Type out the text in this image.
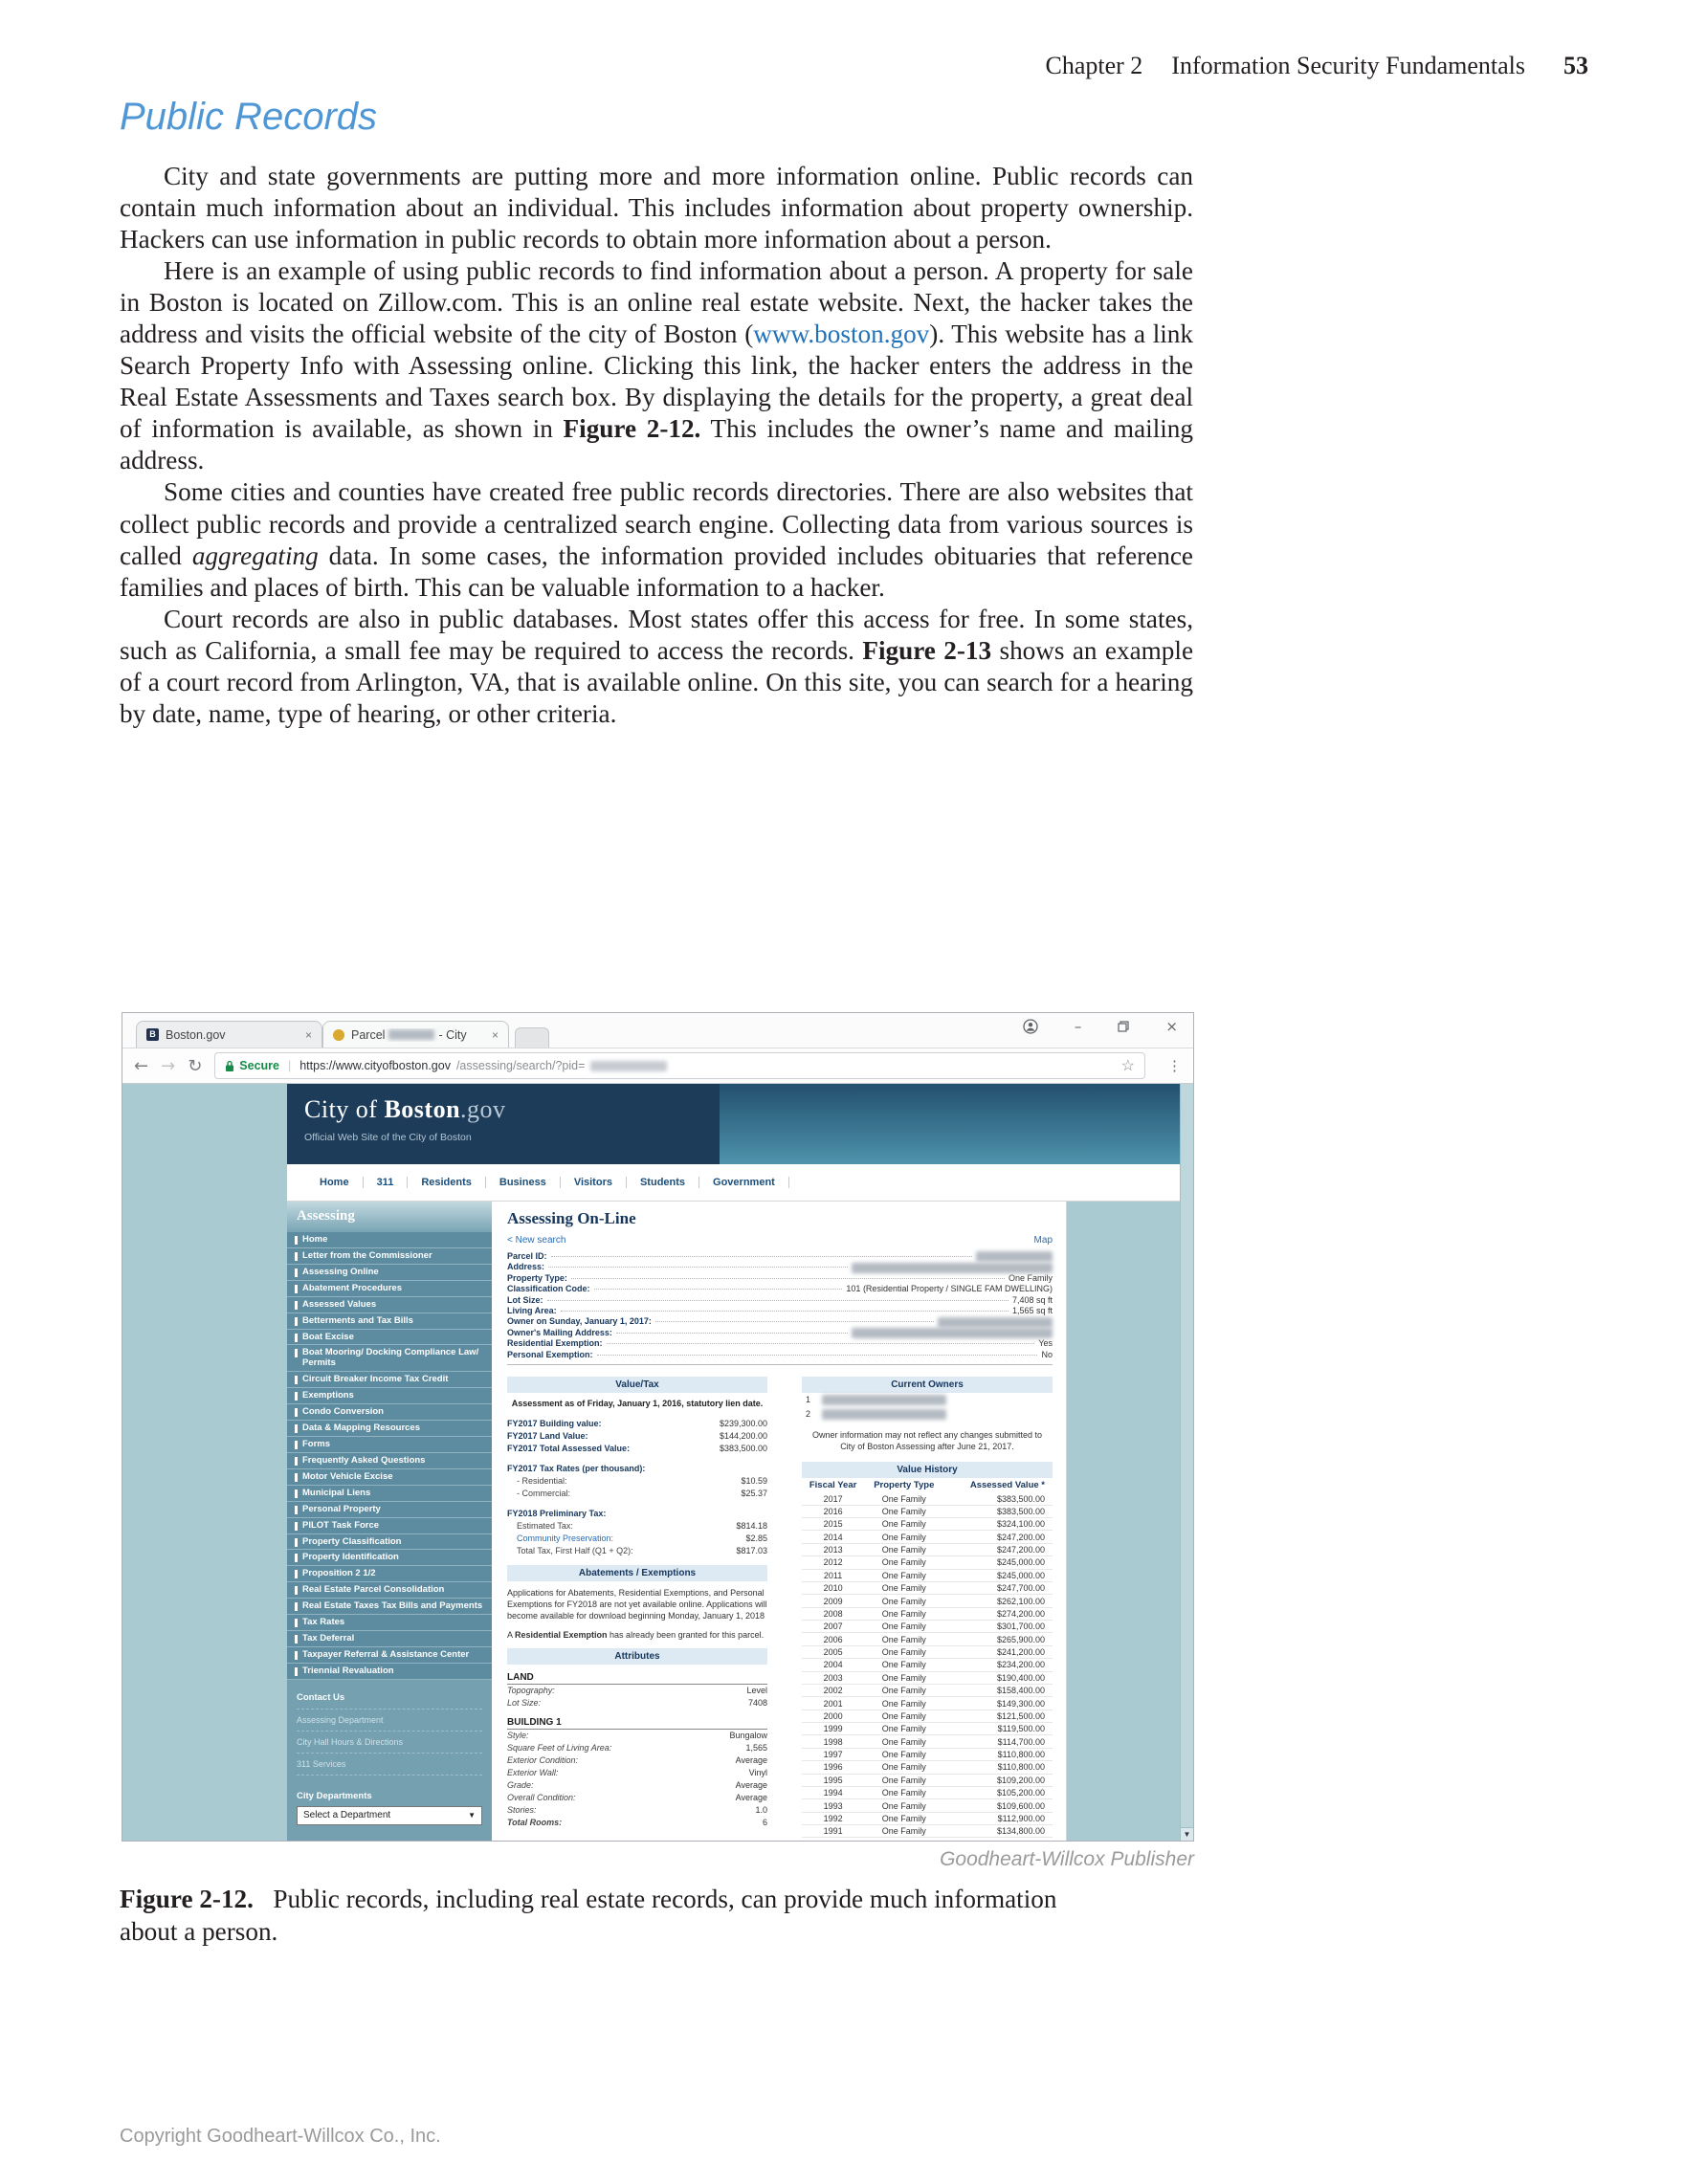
Chapter 2 Information Security Fundamentals 53
Public Records

City and state governments are putting more and more information online. Public records can contain much information about an individual. This includes information about property ownership. Hackers can use information in public records to obtain more information about a person.

Here is an example of using public records to find information about a person. A property for sale in Boston is located on Zillow.com. This is an online real estate website. Next, the hacker takes the address and visits the official website of the city of Boston (www.boston.gov). This website has a link Search Property Info with Assessing online. Clicking this link, the hacker enters the address in the Real Estate Assessments and Taxes search box. By displaying the details for the property, a great deal of information is available, as shown in Figure 2-12. This includes the owner’s name and mailing address.

Some cities and counties have created free public records directories. There are also websites that collect public records and provide a centralized search engine. Collecting data from various sources is called aggregating data. In some cases, the information provided includes obituaries that reference families and places of birth. This can be valuable information to a hacker.

Court records are also in public databases. Most states offer this access for free. In some states, such as California, a small fee may be required to access the records. Figure 2-13 shows an example of a court record from Arlington, VA, that is available online. On this site, you can search for a hearing by date, name, type of hearing, or other criteria.

B Boston.gov	×	Parcel	- City ×	–	×
← → ↻	Secure | https://www.cityofboston.gov /assessing/search/?pid=	☆ ⋮
City of Boston.gov
Official Web Site of the City of Boston
Home	311	Residents	Business	Visitors	Students	Government
Assessing
Home
Letter from the Commissioner
Assessing Online
Abatement Procedures
Assessed Values
Betterments and Tax Bills
Boat Excise
Boat Mooring/ Docking Compliance Law/ Permits
Circuit Breaker Income Tax Credit
Exemptions
Condo Conversion
Data & Mapping Resources
Forms
Frequently Asked Questions
Motor Vehicle Excise
Municipal Liens
Personal Property
PILOT Task Force
Property Classification
Property Identification
Proposition 2 1/2
Real Estate Parcel Consolidation
Real Estate Taxes Tax Bills and Payments
Tax Rates
Tax Deferral
Taxpayer Referral & Assistance Center
Triennial Revaluation
Contact Us
Assessing Department
City Hall Hours & Directions
311 Services
City Departments
Select a Department	▼
Assessing On-Line
< New search	Map
Parcel ID:
Address:
Property Type:	One Family
Classification Code:	101 (Residential Property / SINGLE FAM DWELLING)
Lot Size:	7,408 sq ft
Living Area:	1,565 sq ft
Owner on Sunday, January 1, 2017:
Owner's Mailing Address:
Residential Exemption:	Yes
Personal Exemption:	No
Value/Tax
Assessment as of Friday, January 1, 2016, statutory lien date.
FY2017 Building value:	$239,300.00
FY2017 Land Value:	$144,200.00
FY2017 Total Assessed Value:	$383,500.00
FY2017 Tax Rates (per thousand):
- Residential:	$10.59
- Commercial:	$25.37
FY2018 Preliminary Tax:
Estimated Tax:	$814.18
Community Preservation:	$2.85
Total Tax, First Half (Q1 + Q2):	$817.03
Abatements / Exemptions
Applications for Abatements, Residential Exemptions, and Personal Exemptions for FY2018 are not yet available online. Applications will become available for download beginning Monday, January 1, 2018
A Residential Exemption has already been granted for this parcel.
Attributes
LAND
Topography:	Level
Lot Size:	7408
BUILDING 1
Style:	Bungalow
Square Feet of Living Area:	1,565
Exterior Condition:	Average
Exterior Wall:	Vinyl
Grade:	Average
Overall Condition:	Average
Stories:	1.0
Total Rooms:	6
Current Owners
1
2
Owner information may not reflect any changes submitted to City of Boston Assessing after June 21, 2017.
Value History
Fiscal Year	Property Type	Assessed Value *
2017	One Family	$383,500.00
2016	One Family	$383,500.00
2015	One Family	$324,100.00
2014	One Family	$247,200.00
2013	One Family	$247,200.00
2012	One Family	$245,000.00
2011	One Family	$245,000.00
2010	One Family	$247,700.00
2009	One Family	$262,100.00
2008	One Family	$274,200.00
2007	One Family	$301,700.00
2006	One Family	$265,900.00
2005	One Family	$241,200.00
2004	One Family	$234,200.00
2003	One Family	$190,400.00
2002	One Family	$158,400.00
2001	One Family	$149,300.00
2000	One Family	$121,500.00
1999	One Family	$119,500.00
1998	One Family	$114,700.00
1997	One Family	$110,800.00
1996	One Family	$110,800.00
1995	One Family	$109,200.00
1994	One Family	$105,200.00
1993	One Family	$109,600.00
1992	One Family	$112,900.00
1991	One Family	$134,800.00

			▼
Goodheart-Willcox Publisher
Figure 2-12. Public records, including real estate records, can provide much information about a person.
Copyright Goodheart-Willcox Co., Inc.
